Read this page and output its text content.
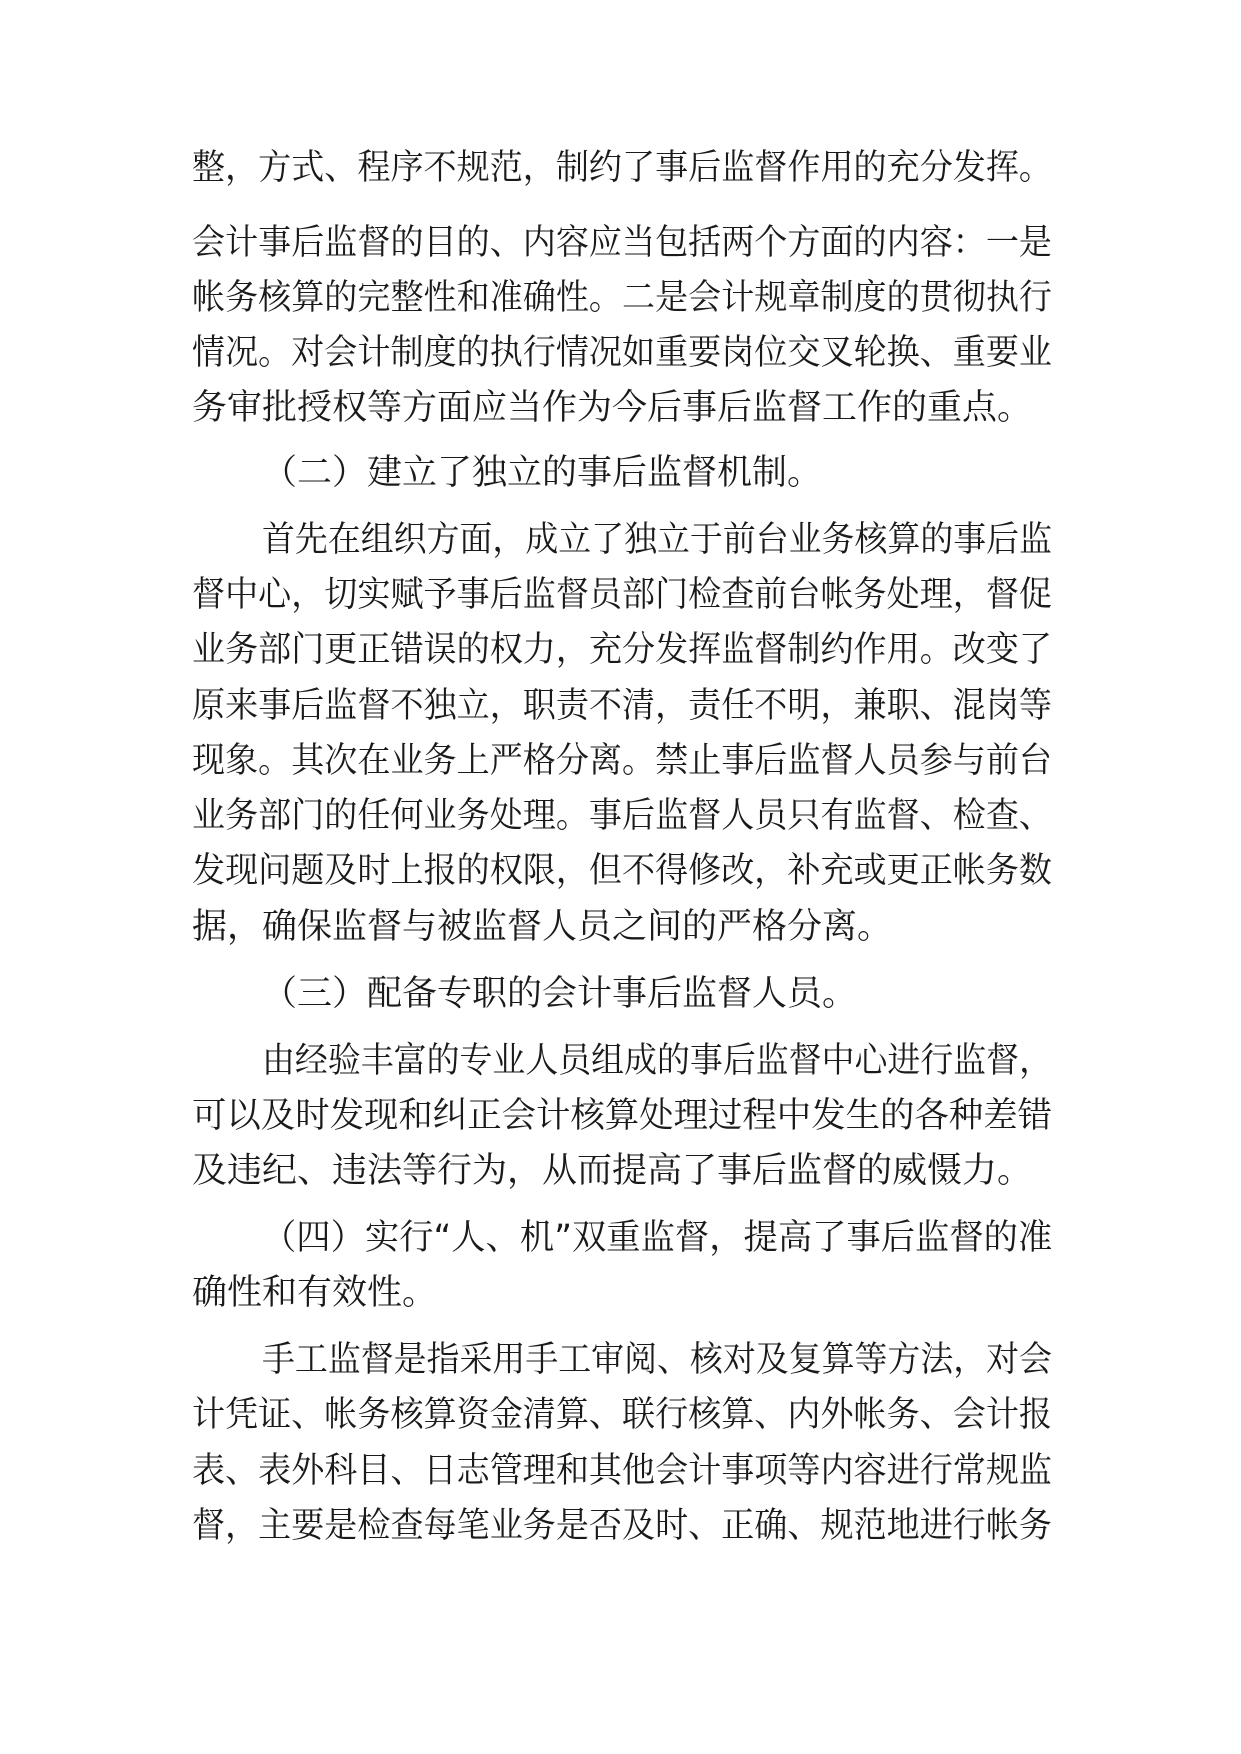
整，方式、程序不规范，制约了事后监督作用的充分发挥。
会计事后监督的目的、内容应当包括两个方面的内容：一是
帐务核算的完整性和准确性。二是会计规章制度的贯彻执行
情况。对会计制度的执行情况如重要岗位交叉轮换、重要业
务审批授权等方面应当作为今后事后监督工作的重点。
（二）建立了独立的事后监督机制。
首先在组织方面，成立了独立于前台业务核算的事后监
督中心，切实赋予事后监督员部门检查前台帐务处理，督促
业务部门更正错误的权力，充分发挥监督制约作用。改变了
原来事后监督不独立，职责不清，责任不明，兼职、混岗等
现象。其次在业务上严格分离。禁止事后监督人员参与前台
业务部门的任何业务处理。事后监督人员只有监督、检查、
发现问题及时上报的权限，但不得修改，补充或更正帐务数
据，确保监督与被监督人员之间的严格分离。
（三）配备专职的会计事后监督人员。
由经验丰富的专业人员组成的事后监督中心进行监督，
可以及时发现和纠正会计核算处理过程中发生的各种差错
及违纪、违法等行为，从而提高了事后监督的威慑力。
（四）实行“人、机”双重监督，提高了事后监督的准
确性和有效性。
手工监督是指采用手工审阅、核对及复算等方法，对会
计凭证、帐务核算资金清算、联行核算、内外帐务、会计报
表、表外科目、日志管理和其他会计事项等内容进行常规监
督，主要是检查每笔业务是否及时、正确、规范地进行帐务
